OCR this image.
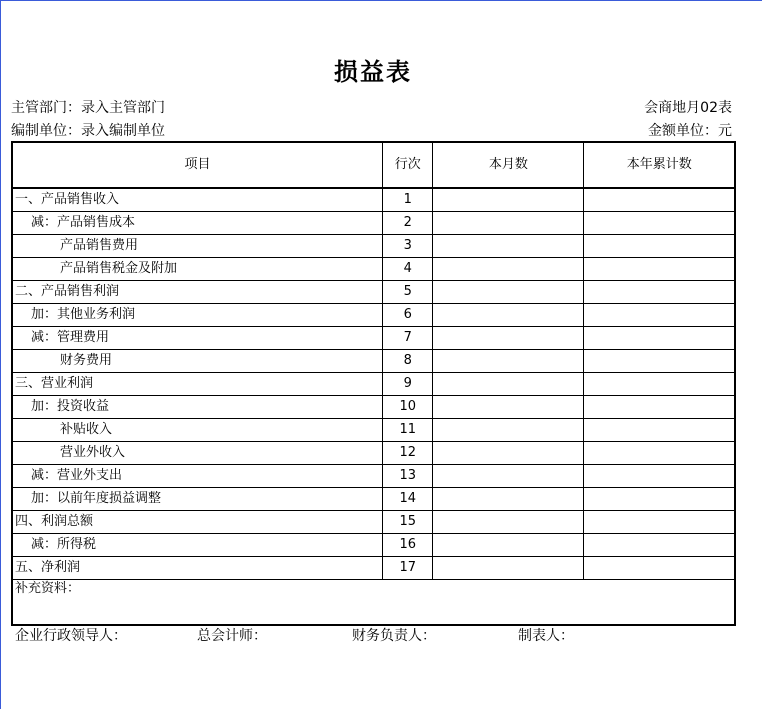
损益表
主管部门：录入主管部门
编制单位：录入编制单位
会商地月02表
金额单位：元
项目	行次	本月数	本年累计数
一、产品销售收入	1		
减：产品销售成本	2		
产品销售费用	3		
产品销售税金及附加	4		
二、产品销售利润	5		
加：其他业务利润	6		
减：管理费用	7		
财务费用	8		
三、营业利润	9		
加：投资收益	10		
补贴收入	11		
营业外收入	12		
减：营业外支出	13		
加：以前年度损益调整	14		
四、利润总额	15		
减：所得税	16		
五、净利润	17		
补充资料：			
企业行政领导人：	总会计师：	财务负责人：	制表人：
